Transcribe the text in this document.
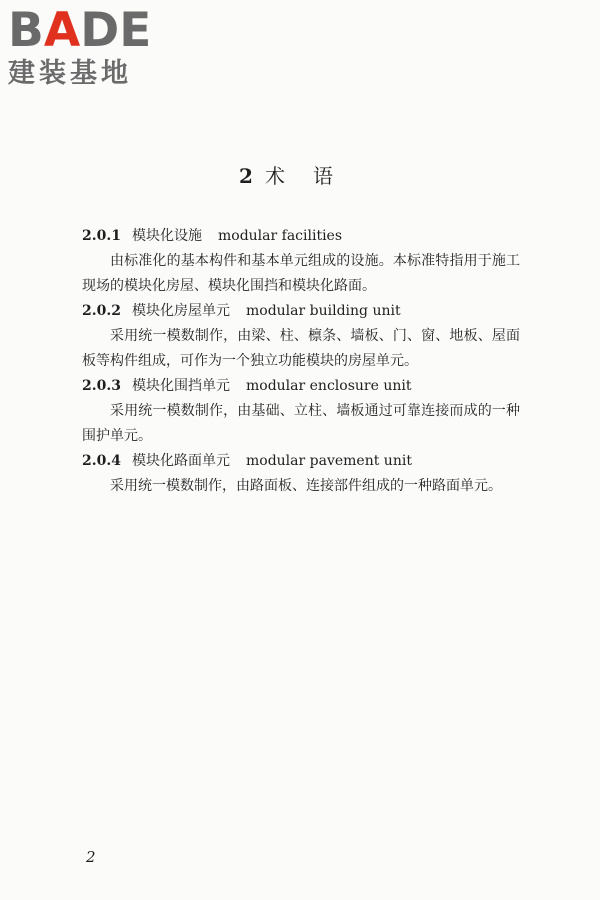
BADE
建装基地
2 术语
2.0.1 模块化设施 modular facilities

由标准化的基本构件和基本单元组成的设施。本标准特指用于施工现场的模块化房屋、模块化围挡和模块化路面。

2.0.2 模块化房屋单元 modular building unit

采用统一模数制作，由梁、柱、檩条、墙板、门、窗、地板、屋面板等构件组成，可作为一个独立功能模块的房屋单元。

2.0.3 模块化围挡单元 modular enclosure unit

采用统一模数制作，由基础、立柱、墙板通过可靠连接而成的一种围护单元。

2.0.4 模块化路面单元 modular pavement unit

采用统一模数制作，由路面板、连接部件组成的一种路面单元。

2
